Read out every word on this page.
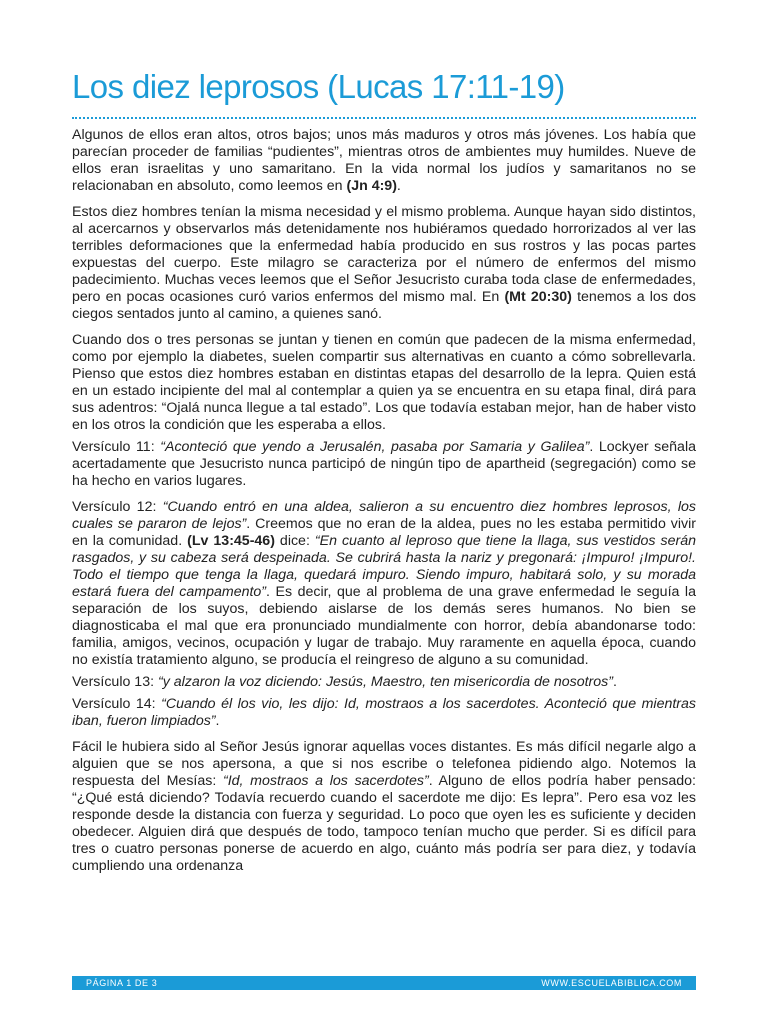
Los diez leprosos (Lucas 17:11-19)

Algunos de ellos eran altos, otros bajos; unos más maduros y otros más jóvenes. Los había que parecían proceder de familias “pudientes”, mientras otros de ambientes muy humildes. Nueve de ellos eran israelitas y uno samaritano. En la vida normal los judíos y samaritanos no se relacionaban en absoluto, como leemos en (Jn 4:9).

Estos diez hombres tenían la misma necesidad y el mismo problema. Aunque hayan sido distintos, al acercarnos y observarlos más detenidamente nos hubiéramos quedado horrorizados al ver las terribles deformaciones que la enfermedad había producido en sus rostros y las pocas partes expuestas del cuerpo. Este milagro se caracteriza por el número de enfermos del mismo padecimiento. Muchas veces leemos que el Señor Jesucristo curaba toda clase de enfermedades, pero en pocas ocasiones curó varios enfermos del mismo mal. En (Mt 20:30) tenemos a los dos ciegos sentados junto al camino, a quienes sanó.

Cuando dos o tres personas se juntan y tienen en común que padecen de la misma enfermedad, como por ejemplo la diabetes, suelen compartir sus alternativas en cuanto a cómo sobrellevarla. Pienso que estos diez hombres estaban en distintas etapas del desarrollo de la lepra. Quien está en un estado incipiente del mal al contemplar a quien ya se encuentra en su etapa final, dirá para sus adentros: “Ojalá nunca llegue a tal estado”. Los que todavía estaban mejor, han de haber visto en los otros la condición que les esperaba a ellos.

Versículo 11: “Aconteció que yendo a Jerusalén, pasaba por Samaria y Galilea”. Lockyer señala acertadamente que Jesucristo nunca participó de ningún tipo de apartheid (segregación) como se ha hecho en varios lugares.

Versículo 12: “Cuando entró en una aldea, salieron a su encuentro diez hombres leprosos, los cuales se pararon de lejos”. Creemos que no eran de la aldea, pues no les estaba permitido vivir en la comunidad. (Lv 13:45-46) dice: “En cuanto al leproso que tiene la llaga, sus vestidos serán rasgados, y su cabeza será despeinada. Se cubrirá hasta la nariz y pregonará: ¡Impuro! ¡Impuro!. Todo el tiempo que tenga la llaga, quedará impuro. Siendo impuro, habitará solo, y su morada estará fuera del campamento”. Es decir, que al problema de una grave enfermedad le seguía la separación de los suyos, debiendo aislarse de los demás seres humanos. No bien se diagnosticaba el mal que era pronunciado mundialmente con horror, debía abandonarse todo: familia, amigos, vecinos, ocupación y lugar de trabajo. Muy raramente en aquella época, cuando no existía tratamiento alguno, se producía el reingreso de alguno a su comunidad.

Versículo 13: “y alzaron la voz diciendo: Jesús, Maestro, ten misericordia de nosotros”.

Versículo 14: “Cuando él los vio, les dijo: Id, mostraos a los sacerdotes. Aconteció que mientras iban, fueron limpiados”.

Fácil le hubiera sido al Señor Jesús ignorar aquellas voces distantes. Es más difícil negarle algo a alguien que se nos apersona, a que si nos escribe o telefonea pidiendo algo. Notemos la respuesta del Mesías: “Id, mostraos a los sacerdotes”. Alguno de ellos podría haber pensado: “¿Qué está diciendo? Todavía recuerdo cuando el sacerdote me dijo: Es lepra”. Pero esa voz les responde desde la distancia con fuerza y seguridad. Lo poco que oyen les es suficiente y deciden obedecer. Alguien dirá que después de todo, tampoco tenían mucho que perder. Si es difícil para tres o cuatro personas ponerse de acuerdo en algo, cuánto más podría ser para diez, y todavía cumpliendo una ordenanza

PÁGINA 1 DE 3	WWW.ESCUELABIBLICA.COM
